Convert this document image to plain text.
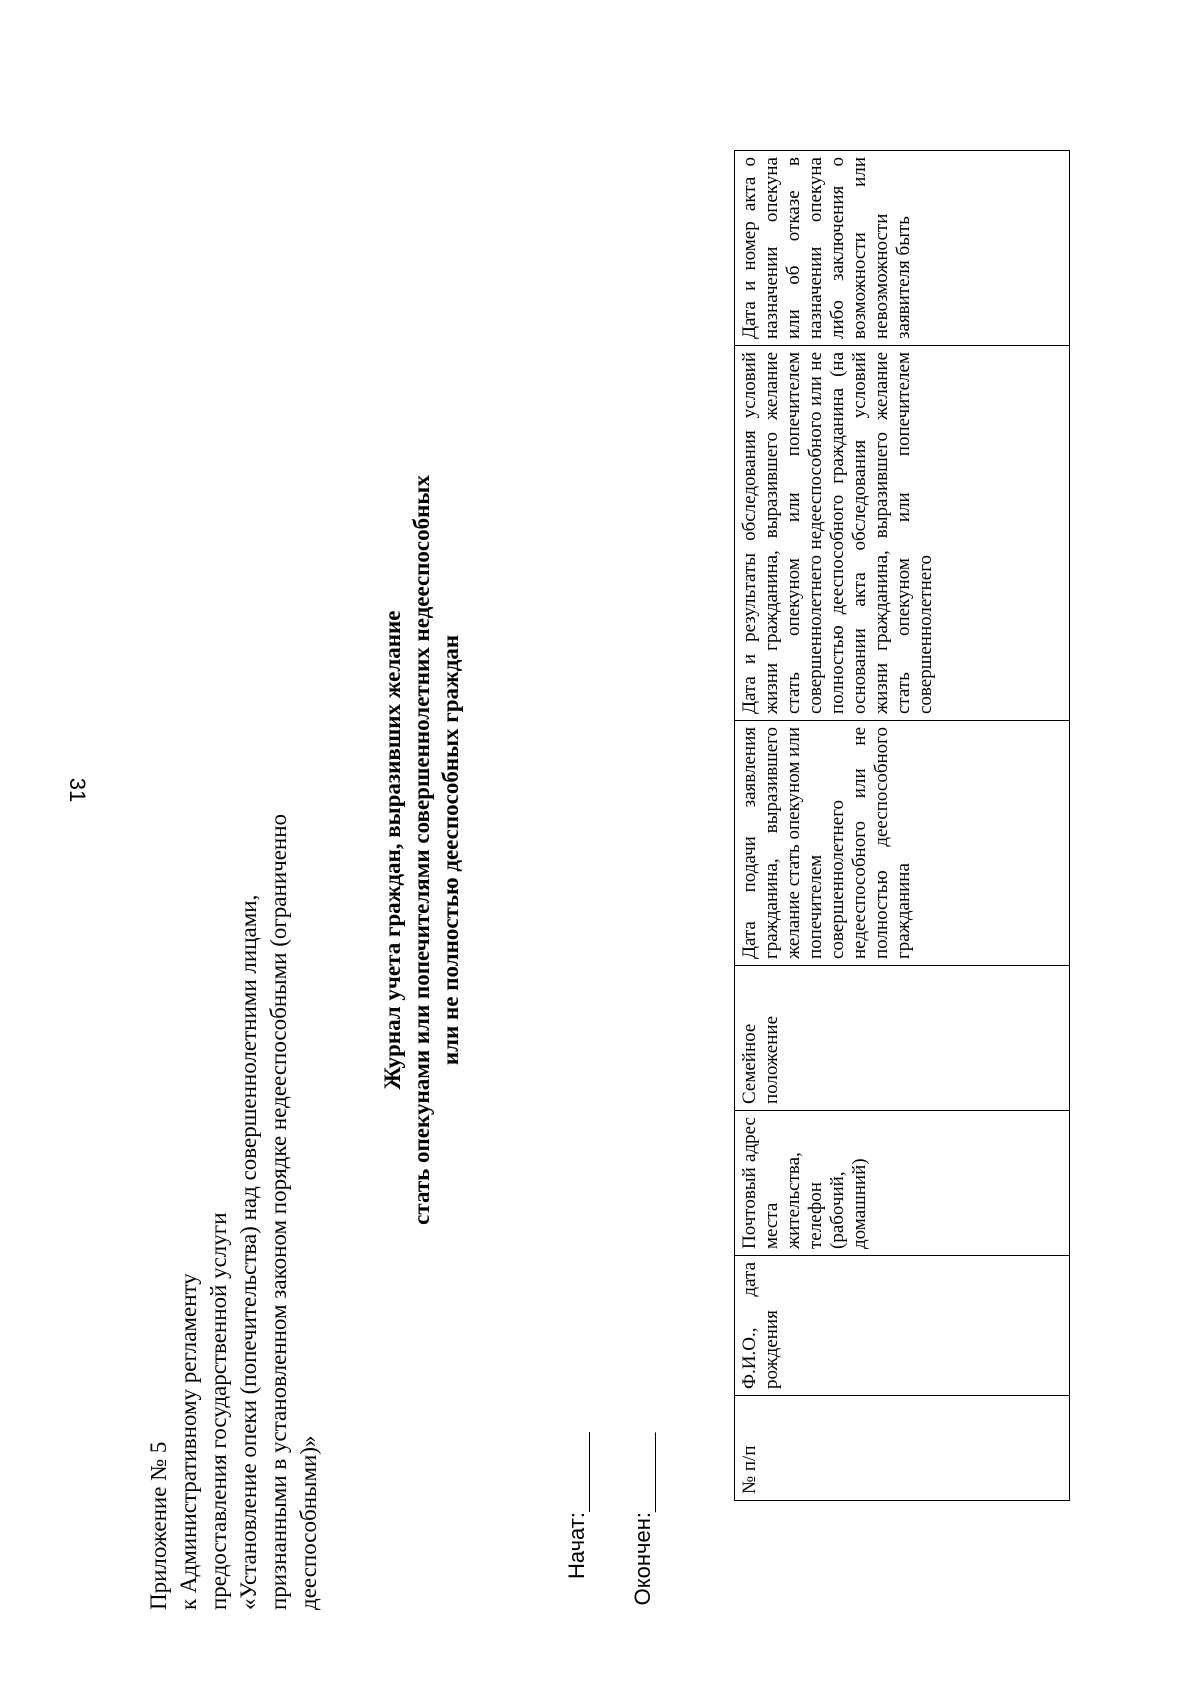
31
Приложение № 5 к Административному регламенту предоставления государственной услуги «Установление опеки (попечительства) над совершеннолетними лицами, признанными в установленном законом порядке недееспособными (ограниченно дееспособными)»
Журнал учета граждан, выразивших желание стать опекунами или попечителями совершеннолетних недееспособных или не полностью дееспособных граждан
Начат: Окончен:
№ п/п	Ф.И.О., дата рождения	Почтовый адрес места жительства, телефон (рабочий, домашний)	Семейное положение	Дата подачи заявления гражданина, выразившего желание стать опекуном или попечителем совершеннолетнего недееспособного или не полностью дееспособного гражданина	Дата и результаты обследования условий жизни гражданина, выразившего желание стать опекуном или попечителем совершеннолетнего недееспособного или не полностью дееспособного гражданина (на основании акта обследования условий жизни гражданина, выразившего желание стать опекуном или попечителем совершеннолетнего	Дата и номер акта о назначении опекуна или об отказе в назначении опекуна либо заключения о возможности или невозможности заявителя быть
